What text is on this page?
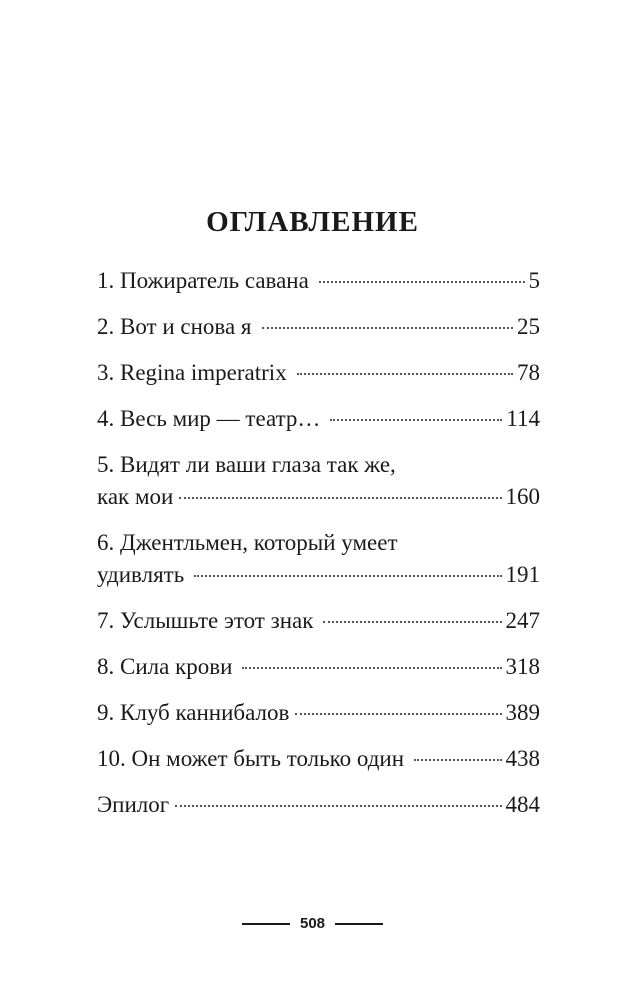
ОГЛАВЛЕНИЕ
1. Пожиратель савана	5
2. Вот и снова я	25
3. Regina imperatrix	78
4. Весь мир — театр…	114
5. Видят ли ваши глаза так же,
как мои	160
6. Джентльмен, который умеет
удивлять	191
7. Услышьте этот знак	247
8. Сила крови	318
9. Клуб каннибалов	389
10. Он может быть только один	438
Эпилог	484
508
